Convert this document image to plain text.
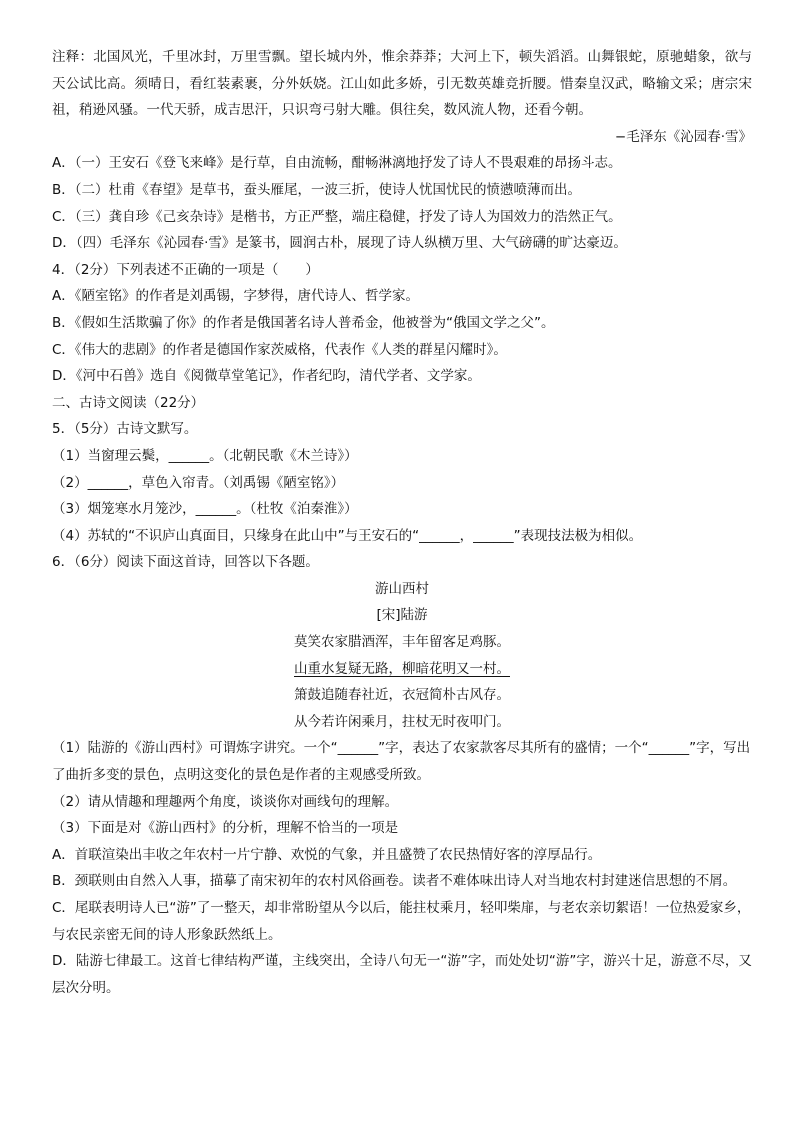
注释：北国风光，千里冰封，万里雪飘。望长城内外，惟余莽莽；大河上下，顿失滔滔。山舞银蛇，原驰蜡象，欲与天公试比高。须晴日，看红装素裹，分外妖娆。江山如此多娇，引无数英雄竞折腰。惜秦皇汉武，略输文采；唐宗宋祖，稍逊风骚。一代天骄，成吉思汗，只识弯弓射大雕。俱往矣，数风流人物，还看今朝。

−毛泽东《沁园春·雪》

A．（一）王安石《登飞来峰》是行草，自由流畅，酣畅淋漓地抒发了诗人不畏艰难的昂扬斗志。

B．（二）杜甫《春望》是草书，蚕头雁尾，一波三折，使诗人忧国忧民的愤懑喷薄而出。

C．（三）龚自珍《己亥杂诗》是楷书，方正严整，端庄稳健，抒发了诗人为国效力的浩然正气。

D．（四）毛泽东《沁园春·雪》是篆书，圆润古朴，展现了诗人纵横万里、大气磅礴的旷达豪迈。

4．（2分）下列表述不正确的一项是（　　）

A．《陋室铭》的作者是刘禹锡，字梦得，唐代诗人、哲学家。

B．《假如生活欺骗了你》的作者是俄国著名诗人普希金，他被誉为“俄国文学之父”。

C．《伟大的悲剧》的作者是德国作家茨威格，代表作《人类的群星闪耀时》。

D．《河中石兽》选自《阅微草堂笔记》，作者纪昀，清代学者、文学家。

二、古诗文阅读（22分）

5．（5分）古诗文默写。

（1）当窗理云鬓，______。（北朝民歌《木兰诗》）

（2）______，草色入帘青。（刘禹锡《陋室铭》）

（3）烟笼寒水月笼沙，______。（杜牧《泊秦淮》）

（4）苏轼的“不识庐山真面目，只缘身在此山中”与王安石的“______，______”表现技法极为相似。

6．（6分）阅读下面这首诗，回答以下各题。

游山西村

[宋]陆游

莫笑农家腊酒浑，丰年留客足鸡豚。

山重水复疑无路，柳暗花明又一村。

箫鼓追随春社近，衣冠简朴古风存。

从今若许闲乘月，拄杖无时夜叩门。

（1）陆游的《游山西村》可谓炼字讲究。一个“______”字，表达了农家款客尽其所有的盛情；一个“______”字，写出了曲折多变的景色，点明这变化的景色是作者的主观感受所致。

（2）请从情趣和理趣两个角度，谈谈你对画线句的理解。

（3）下面是对《游山西村》的分析，理解不恰当的一项是

A．首联渲染出丰收之年农村一片宁静、欢悦的气象，并且盛赞了农民热情好客的淳厚品行。

B．颈联则由自然入人事，描摹了南宋初年的农村风俗画卷。读者不难体味出诗人对当地农村封建迷信思想的不屑。

C．尾联表明诗人已“游”了一整天，却非常盼望从今以后，能拄杖乘月，轻叩柴扉，与老农亲切絮语！一位热爱家乡，与农民亲密无间的诗人形象跃然纸上。

D．陆游七律最工。这首七律结构严谨，主线突出，全诗八句无一“游”字，而处处切“游”字，游兴十足，游意不尽，又层次分明。
